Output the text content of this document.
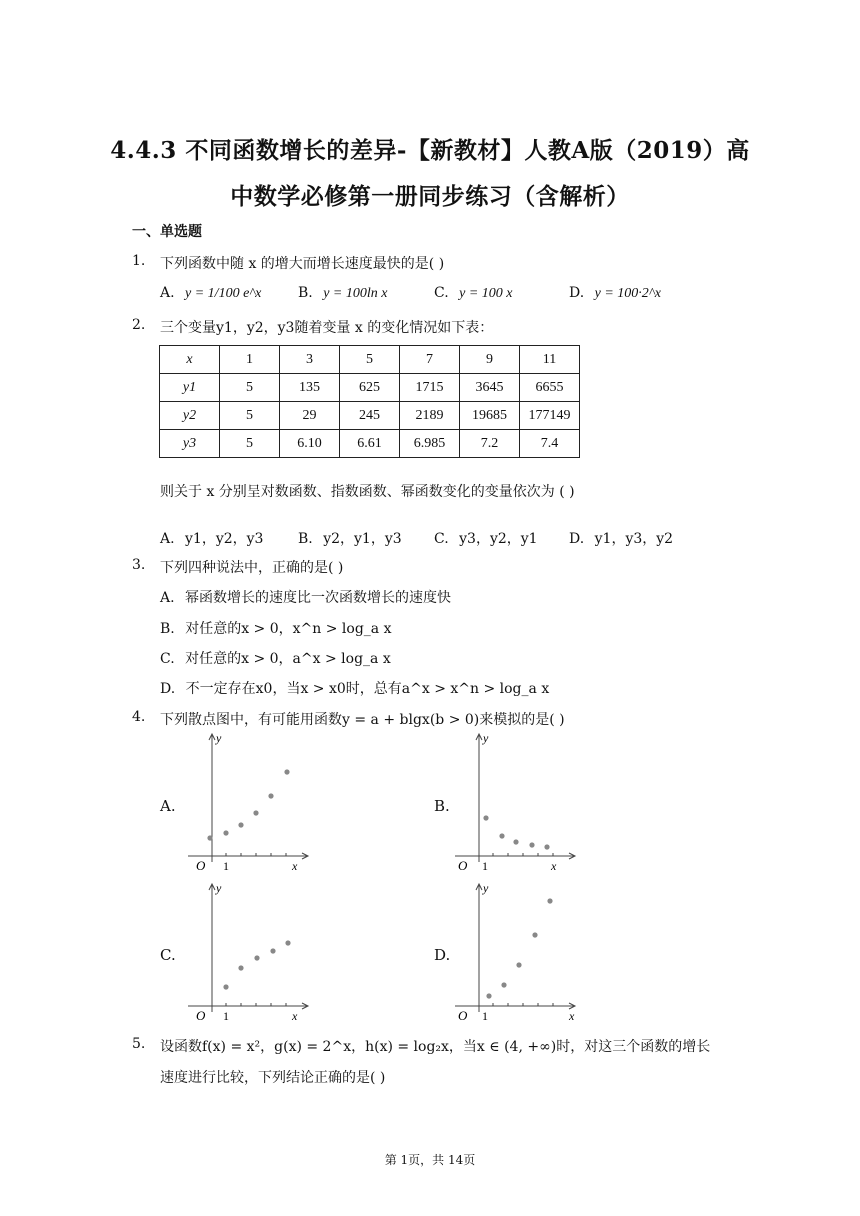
4.4.3 不同函数增长的差异-【新教材】人教A版（2019）高
中数学必修第一册同步练习（含解析）
一、单选题
1. 下列函数中随 x 的增大而增长速度最快的是( )
A. y = 1/100 e^x	B. y = 100ln x	C. y = 100 x	D. y = 100·2^x
2. 三个变量y1，y2，y3随着变量 x 的变化情况如下表：
x	1	3	5	7	9	11
y1	5	135	625	1715	3645	6655
y2	5	29	245	2189	19685	177149
y3	5	6.10	6.61	6.985	7.2	7.4
则关于 x 分别呈对数函数、指数函数、幂函数变化的变量依次为 ( )
A. y1，y2，y3 B. y2，y1，y3 C. y3，y2，y1 D. y1，y3，y2
3. 下列四种说法中，正确的是( )
A. 幂函数增长的速度比一次函数增长的速度快
B. 对任意的x > 0，x^n > log_a x
C. 对任意的x > 0，a^x > log_a x
D. 不一定存在x0，当x > x0时，总有a^x > x^n > log_a x
4. 下列散点图中，有可能用函数y = a + blgx(b > 0)来模拟的是( )
A.	B.
C.	D.
y
x
O 1
y
x
O 1
y
x
O 1
y
x
O 1
5. 设函数f(x) = x²，g(x) = 2^x，h(x) = log₂x，当x ∈ (4, +∞)时，对这三个函数的增长
速度进行比较，下列结论正确的是( )
第 1页，共 14页
